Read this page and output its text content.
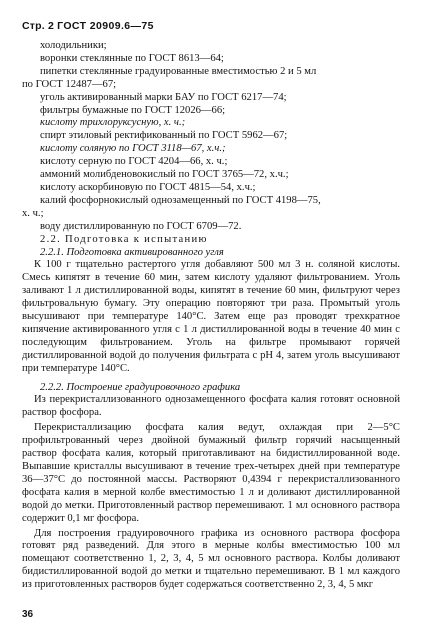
Стр. 2 ГОСТ 20909.6—75
холодильники;
воронки стеклянные по ГОСТ 8613—64;
пипетки стеклянные градуированные вместимостью 2 и 5 мл
по ГОСТ 12487—67;
уголь активированный марки БАУ по ГОСТ 6217—74;
фильтры бумажные по ГОСТ 12026—66;
кислоту трихлоруксусную, х. ч.;
спирт этиловый ректификованный по ГОСТ 5962—67;
кислоту соляную по ГОСТ 3118—67, х.ч.;
кислоту серную по ГОСТ 4204—66, х. ч.;
аммоний молибденовокислый по ГОСТ 3765—72, х.ч.;
кислоту аскорбиновую по ГОСТ 4815—54, х.ч.;
калий фосфорнокислый однозамещенный по ГОСТ 4198—75,
х. ч.;
воду дистиллированную по ГОСТ 6709—72.
2.2. Подготовка к испытанию
2.2.1. Подготовка активированного угля

К 100 г тщательно растертого угля добавляют 500 мл 3 н. соляной кислоты. Смесь кипятят в течение 60 мин, затем кислоту удаляют фильтрованием. Уголь заливают 1 л дистиллированной воды, кипятят в течение 60 мин, фильтруют через фильтровальную бумагу. Эту операцию повторяют три раза. Промытый уголь высушивают при температуре 140°С. Затем еще раз проводят трехкратное кипячение активированного угля с 1 л дистиллированной воды в течение 40 мин с последующим фильтрованием. Уголь на фильтре промывают горячей дистиллированной водой до получения фильтрата с pH 4, затем уголь высушивают при температуре 140°С.

2.2.2. Построение градуировочного графика

Из перекристаллизованного однозамещенного фосфата калия готовят основной раствор фосфора.

Перекристаллизацию фосфата калия ведут, охлаждая при 2—5°С профильтрованный через двойной бумажный фильтр горячий насыщенный раствор фосфата калия, который приготавливают на бидистиллированной воде. Выпавшие кристаллы высушивают в течение трех-четырех дней при температуре 36—37°С до постоянной массы. Растворяют 0,4394 г перекристаллизованного фосфата калия в мерной колбе вместимостью 1 л и доливают дистиллированной водой до метки. Приготовленный раствор перемешивают. 1 мл основного раствора содержит 0,1 мг фосфора.

Для построения градуировочного графика из основного раствора фосфора готовят ряд разведений. Для этого в мерные колбы вместимостью 100 мл помещают соответственно 1, 2, 3, 4, 5 мл основного раствора. Колбы доливают бидистиллированной водой до метки и тщательно перемешивают. В 1 мл каждого из приготовленных растворов будет содержаться соответственно 2, 3, 4, 5 мкг

36
